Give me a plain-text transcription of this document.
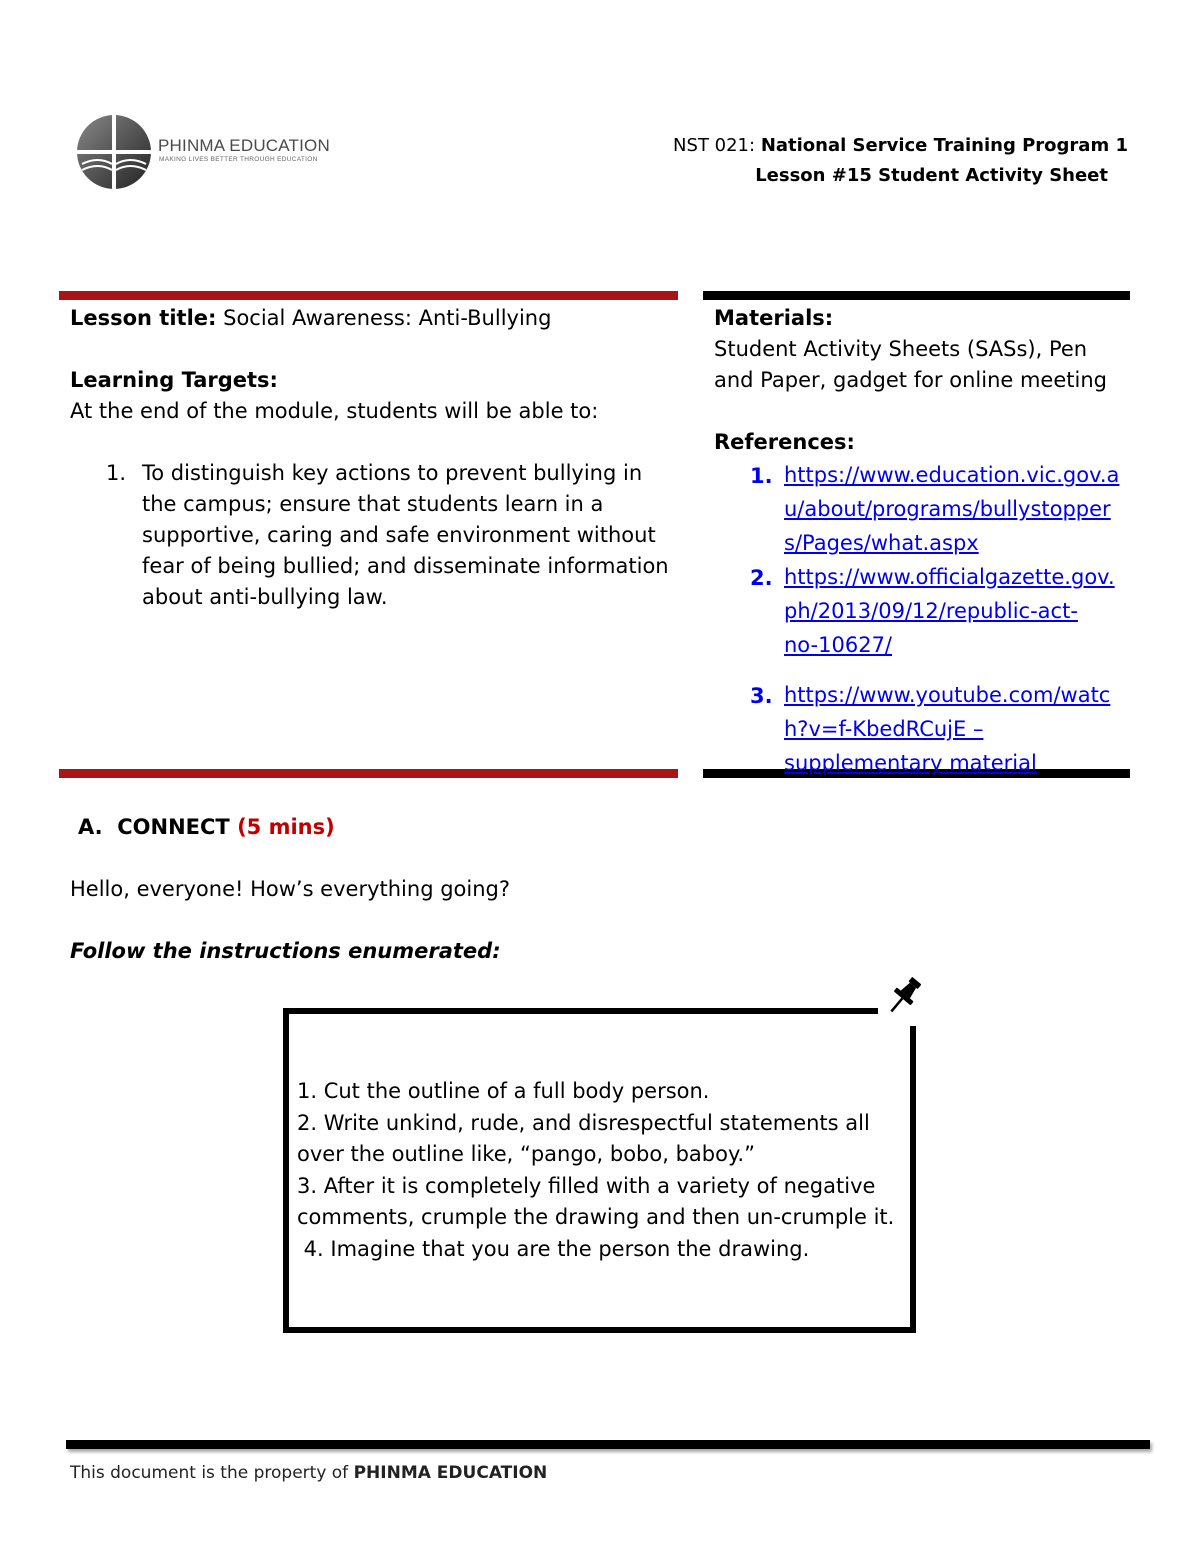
PHINMA EDUCATION
MAKING LIVES BETTER THROUGH EDUCATION
NST 021: National Service Training Program 1
Lesson #15 Student Activity Sheet

Lesson title: Social Awareness: Anti-Bullying

Learning Targets:

At the end of the module, students will be able to:

1. To distinguish key actions to prevent bullying in
the campus; ensure that students learn in a
supportive, caring and safe environment without
fear of being bullied; and disseminate information
about anti-bullying law.

Materials:

Student Activity Sheets (SASs), Pen

and Paper, gadget for online meeting

References:

1. https://www.education.vic.gov.a
u/about/programs/bullystopper
s/Pages/what.aspx
2. https://www.officialgazette.gov.
ph/2013/09/12/republic-act-
no-10627/
3. https://www.youtube.com/watc
h?v=f-KbedRCujE –
supplementary material
A. CONNECT (5 mins)
Hello, everyone! How’s everything going?
Follow the instructions enumerated:
1. Cut the outline of a full body person.
2. Write unkind, rude, and disrespectful statements all
over the outline like, “pango, bobo, baboy.”
3. After it is completely filled with a variety of negative
comments, crumple the drawing and then un-crumple it.
4. Imagine that you are the person the drawing.
This document is the property of PHINMA EDUCATION
